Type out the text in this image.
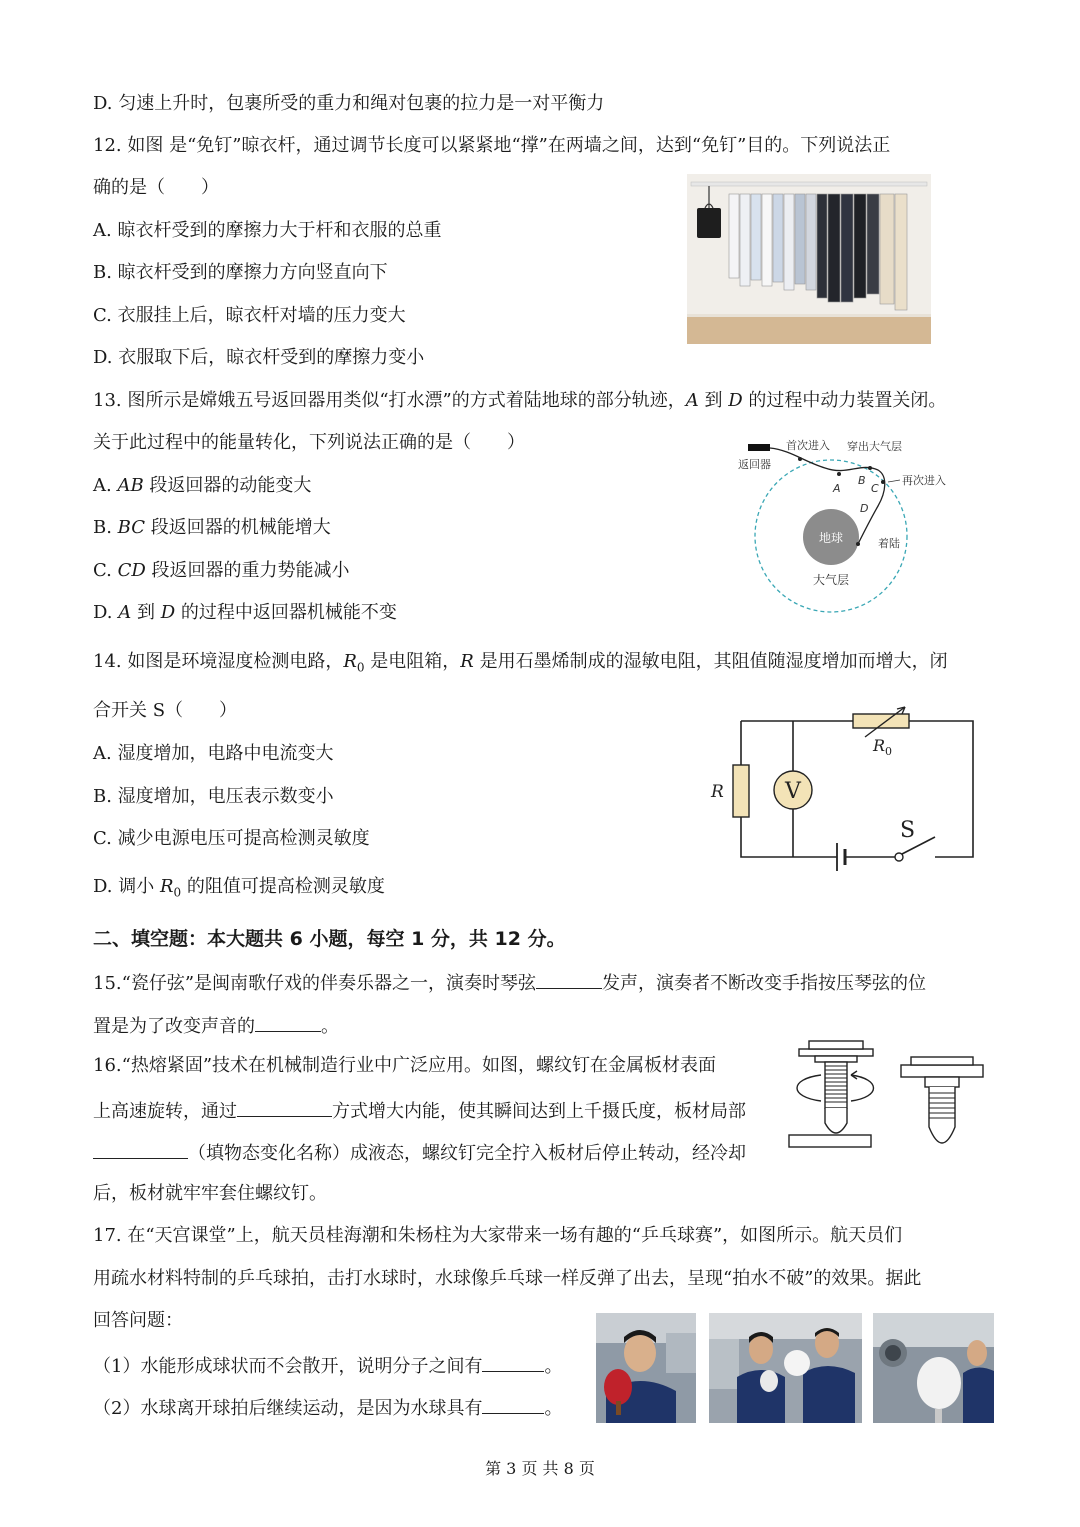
D. 匀速上升时，包裹所受的重力和绳对包裹的拉力是一对平衡力
12. 如图 是“免钉”晾衣杆，通过调节长度可以紧紧地“撑”在两墙之间，达到“免钉”目的。下列说法正
确的是（　　）
A. 晾衣杆受到的摩擦力大于杆和衣服的总重
B. 晾衣杆受到的摩擦力方向竖直向下
C. 衣服挂上后，晾衣杆对墙的压力变大
D. 衣服取下后，晾衣杆受到的摩擦力变小
13. 图所示是嫦娥五号返回器用类似“打水漂”的方式着陆地球的部分轨迹，A 到 D 的过程中动力装置关闭。
关于此过程中的能量转化，下列说法正确的是（　　）
A. AB 段返回器的动能变大
B. BC 段返回器的机械能增大
C. CD 段返回器的重力势能减小
D. A 到 D 的过程中返回器机械能不变
地球
大气层
返回器
首次进入 穿出大气层
再次进入
A
B
C
D
着陆
14. 如图是环境湿度检测电路，$R_0$ 是电阻箱，R 是用石墨烯制成的湿敏电阻，其阻值随湿度增加而增大，闭
合开关 S（　　）
A. 湿度增加，电路中电流变大
B. 湿度增加，电压表示数变小
C. 减少电源电压可提高检测灵敏度
D. 调小 $R_0$ 的阻值可提高检测灵敏度
R	V
$R_0$
S
二、填空题：本大题共 6 小题，每空 1 分，共 12 分。
15.“瓷仔弦”是闽南歌仔戏的伴奏乐器之一，演奏时琴弦	发声，演奏者不断改变手指按压琴弦的位
置是为了改变声音的	。
16.“热熔紧固”技术在机械制造行业中广泛应用。如图，螺纹钉在金属板材表面
上高速旋转，通过	方式增大内能，使其瞬间达到上千摄氏度，板材局部
（填物态变化名称）成液态，螺纹钉完全拧入板材后停止转动，经冷却
后，板材就牢牢套住螺纹钉。
17. 在“天宫课堂”上，航天员桂海潮和朱杨柱为大家带来一场有趣的“乒乓球赛”，如图所示。航天员们
用疏水材料特制的乒乓球拍，击打水球时，水球像乒乓球一样反弹了出去，呈现“拍水不破”的效果。据此
回答问题：
（1）水能形成球状而不会散开，说明分子之间有	。
（2）水球离开球拍后继续运动，是因为水球具有	。
第 3 页 共 8 页
